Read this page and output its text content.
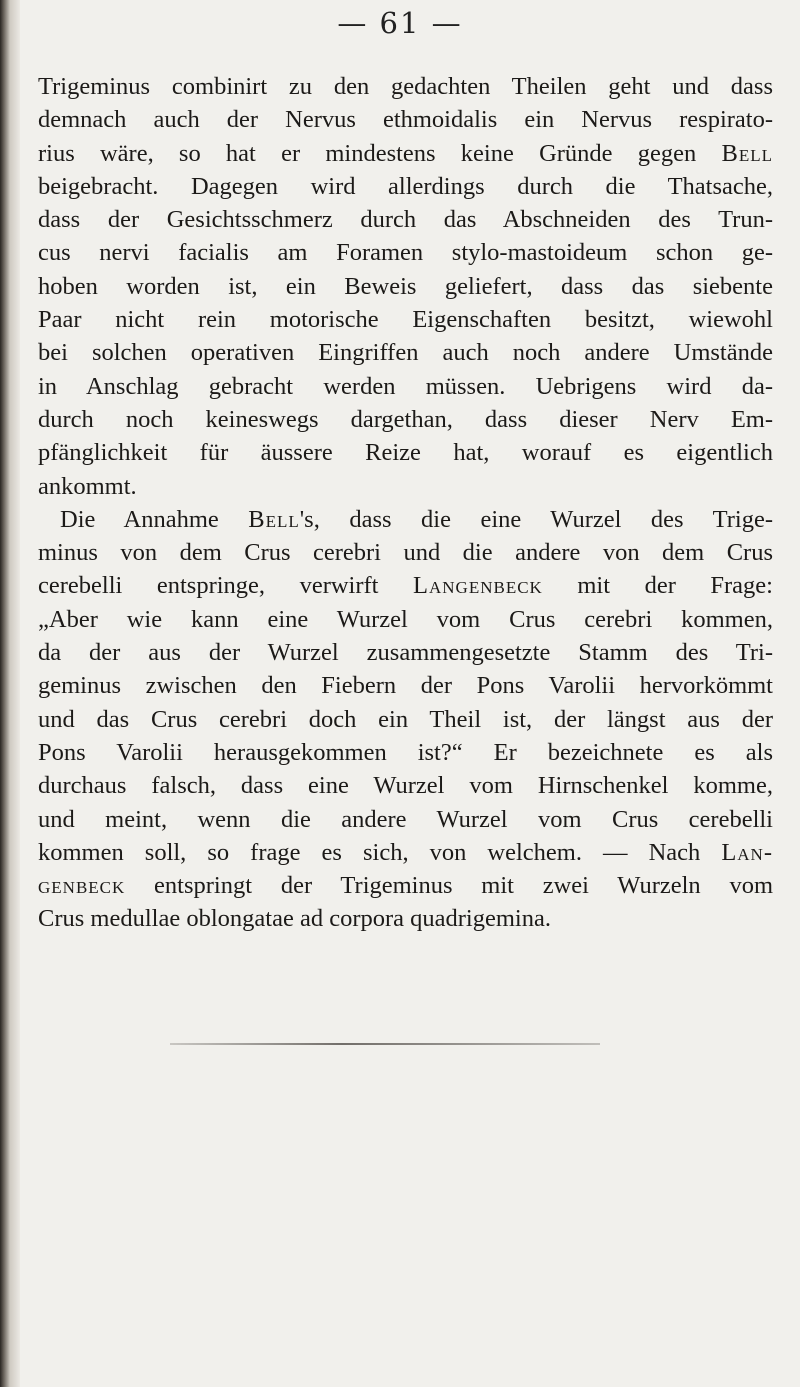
— 61 —
Trigeminus combinirt zu den gedachten Theilen geht und dass
demnach auch der Nervus ethmoidalis ein Nervus respirato-
rius wäre, so hat er mindestens keine Gründe gegen Bell
beigebracht. Dagegen wird allerdings durch die Thatsache,
dass der Gesichtsschmerz durch das Abschneiden des Trun-
cus nervi facialis am Foramen stylo-mastoideum schon ge-
hoben worden ist, ein Beweis geliefert, dass das siebente
Paar nicht rein motorische Eigenschaften besitzt, wiewohl
bei solchen operativen Eingriffen auch noch andere Umstände
in Anschlag gebracht werden müssen. Uebrigens wird da-
durch noch keineswegs dargethan, dass dieser Nerv Em-
pfänglichkeit für äussere Reize hat, worauf es eigentlich
ankommt.
Die Annahme Bell's, dass die eine Wurzel des Trige-
minus von dem Crus cerebri und die andere von dem Crus
cerebelli entspringe, verwirft Langenbeck mit der Frage:
„Aber wie kann eine Wurzel vom Crus cerebri kommen,
da der aus der Wurzel zusammengesetzte Stamm des Tri-
geminus zwischen den Fiebern der Pons Varolii hervorkömmt
und das Crus cerebri doch ein Theil ist, der längst aus der
Pons Varolii herausgekommen ist?“ Er bezeichnete es als
durchaus falsch, dass eine Wurzel vom Hirnschenkel komme,
und meint, wenn die andere Wurzel vom Crus cerebelli
kommen soll, so frage es sich, von welchem. — Nach Lan-
genbeck entspringt der Trigeminus mit zwei Wurzeln vom
Crus medullae oblongatae ad corpora quadrigemina.
